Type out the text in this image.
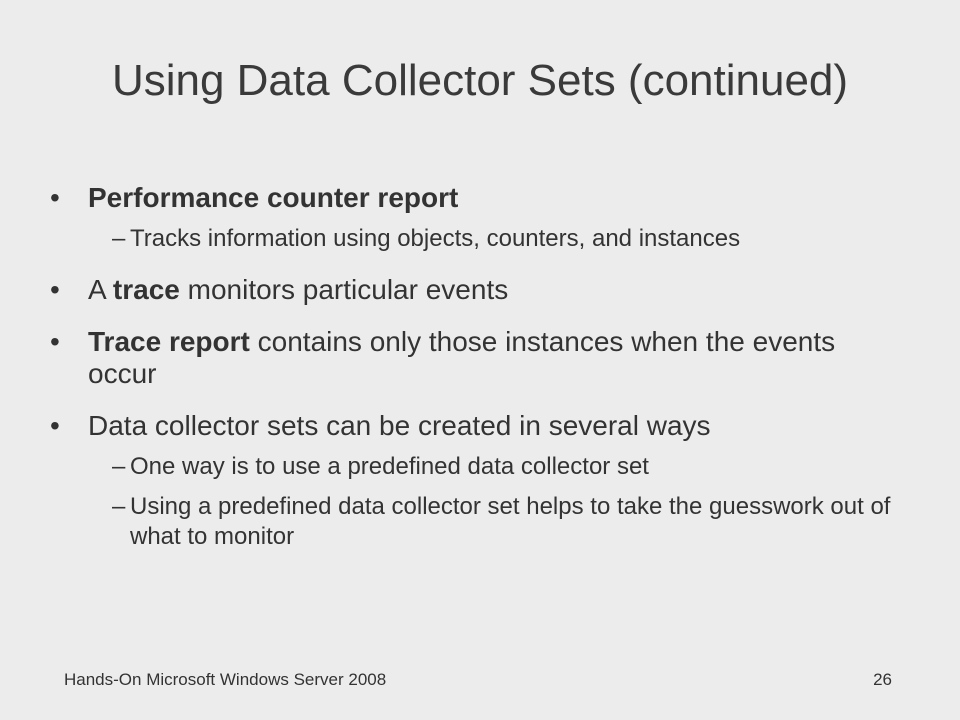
Using Data Collector Sets (continued)
• Performance counter report
– Tracks information using objects, counters, and instances
• A trace monitors particular events
• Trace report contains only those instances when the events occur
• Data collector sets can be created in several ways
– One way is to use a predefined data collector set
– Using a predefined data collector set helps to take the guesswork out of what to monitor
Hands-On Microsoft Windows Server 2008	26
